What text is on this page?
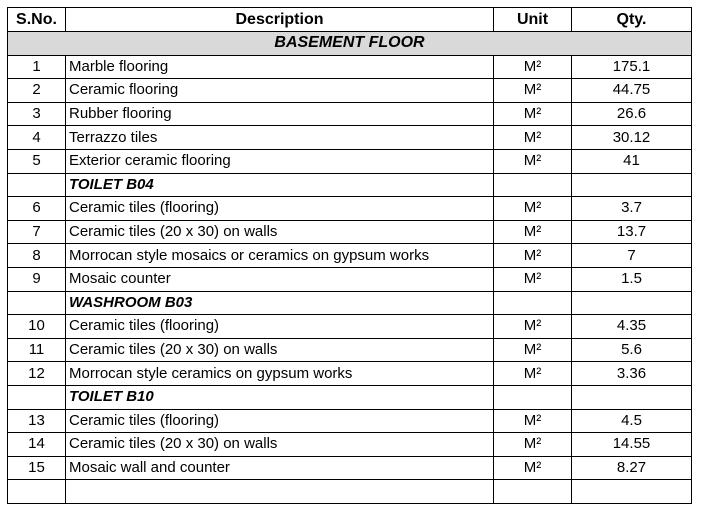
S.No.	Description	Unit	Qty.
BASEMENT FLOOR			
1	Marble flooring	M²	175.1
2	Ceramic flooring	M²	44.75
3	Rubber flooring	M²	26.6
4	Terrazzo tiles	M²	30.12
5	Exterior ceramic flooring	M²	41
	TOILET B04		
6	Ceramic tiles (flooring)	M²	3.7
7	Ceramic tiles (20 x 30) on walls	M²	13.7
8	Morrocan style mosaics or ceramics on gypsum works	M²	7
9	Mosaic counter	M²	1.5
	WASHROOM B03		
10	Ceramic tiles (flooring)	M²	4.35
11	Ceramic tiles (20 x 30) on walls	M²	5.6
12	Morrocan style ceramics on gypsum works	M²	3.36
	TOILET B10		
13	Ceramic tiles (flooring)	M²	4.5
14	Ceramic tiles (20 x 30) on walls	M²	14.55
15	Mosaic wall and counter	M²	8.27
